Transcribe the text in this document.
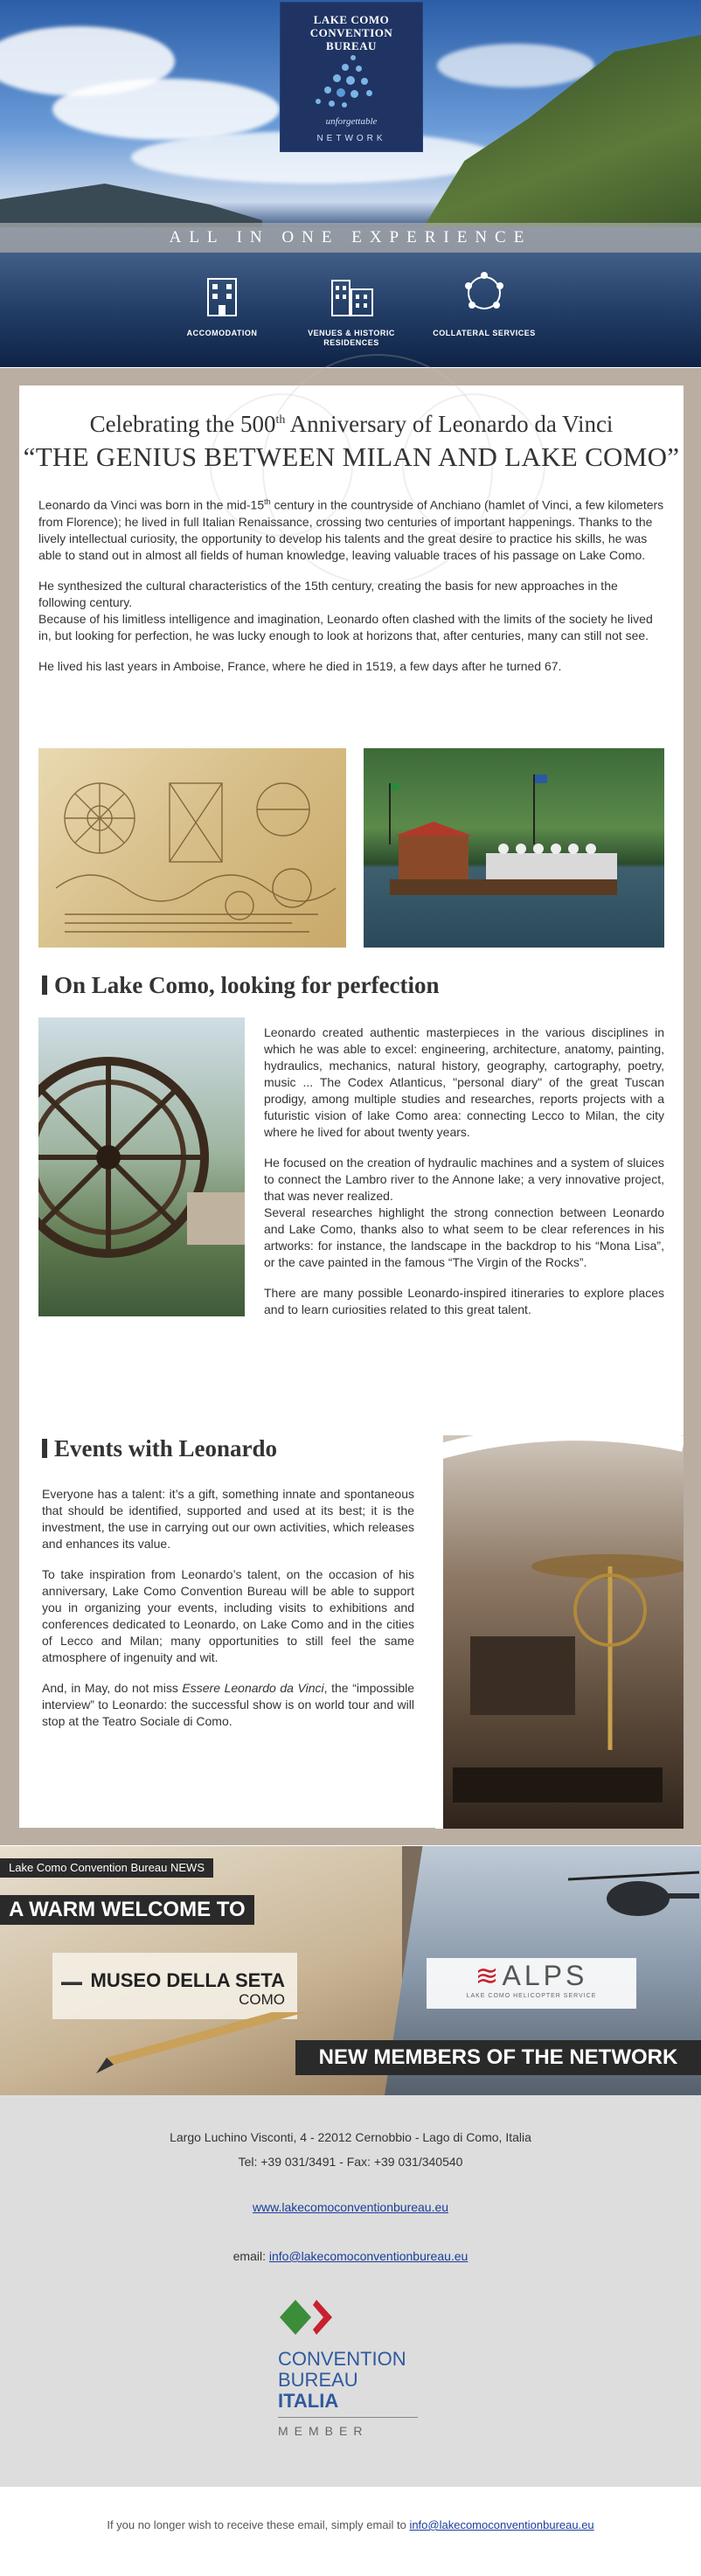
LAKE COMO
CONVENTION
BUREAU
unforgettable
NETWORK
ALL IN ONE EXPERIENCE
ACCOMODATION	VENUES & HISTORIC RESIDENCES
COLLATERAL SERVICES
Celebrating the 500th Anniversary of Leonardo da Vinci
“THE GENIUS BETWEEN MILAN AND LAKE COMO”

Leonardo da Vinci was born in the mid-15th century in the countryside of Anchiano (hamlet of Vinci, a few kilometers from Florence); he lived in full Italian Renaissance, crossing two centuries of important happenings. Thanks to the lively intellectual curiosity, the opportunity to develop his talents and the great desire to practice his skills, he was able to stand out in almost all fields of human knowledge, leaving valuable traces of his passage on Lake Como.

He synthesized the cultural characteristics of the 15th century, creating the basis for new approaches in the following century.

Because of his limitless intelligence and imagination, Leonardo often clashed with the limits of the society he lived in, but looking for perfection, he was lucky enough to look at horizons that, after centuries, many can still not see.

He lived his last years in Amboise, France, where he died in 1519, a few days after he turned 67.

On Lake Como, looking for perfection

Leonardo created authentic masterpieces in the various disciplines in which he was able to excel: engineering, architecture, anatomy, painting, hydraulics, mechanics, natural history, geography, cartography, poetry, music ... The Codex Atlanticus, "personal diary" of the great Tuscan prodigy, among multiple studies and researches, reports projects with a futuristic vision of lake Como area: connecting Lecco to Milan, the city where he lived for about twenty years.

He focused on the creation of hydraulic machines and a system of sluices to connect the Lambro river to the Annone lake; a very innovative project, that was never realized.

Several researches highlight the strong connection between Leonardo and Lake Como, thanks also to what seem to be clear references in his artworks: for instance, the landscape in the backdrop to his “Mona Lisa”, or the cave painted in the famous “The Virgin of the Rocks”.

There are many possible Leonardo-inspired itineraries to explore places and to learn curiosities related to this great talent.

Events with Leonardo

Everyone has a talent: it’s a gift, something innate and spontaneous that should be identified, supported and used at its best; it is the investment, the use in carrying out our own activities, which releases and enhances its value.

To take inspiration from Leonardo’s talent, on the occasion of his anniversary, Lake Como Convention Bureau will be able to support you in organizing your events, including visits to exhibitions and conferences dedicated to Leonardo, on Lake Como and in the cities of Lecco and Milan; many opportunities to still feel the same atmosphere of ingenuity and wit.

And, in May, do not miss Essere Leonardo da Vinci, the “impossible interview” to Leonardo: the successful show is on world tour and will stop at the Teatro Sociale di Como.

Lake Como Convention Bureau NEWS
A WARM WELCOME TO
▬▬ MUSEO DELLA SETA
COMO
≋ALPS
LAKE COMO HELICOPTER SERVICE
NEW MEMBERS OF THE NETWORK
Largo Luchino Visconti, 4 - 22012 Cernobbio - Lago di Como, Italia
Tel: +39 031/3491 - Fax: +39 031/340540
www.lakecomoconventionbureau.eu
email: info@lakecomoconventionbureau.eu
CONVENTION
BUREAU
ITALIA
MEMBER
If you no longer wish to receive these email, simply email to info@lakecomoconventionbureau.eu
